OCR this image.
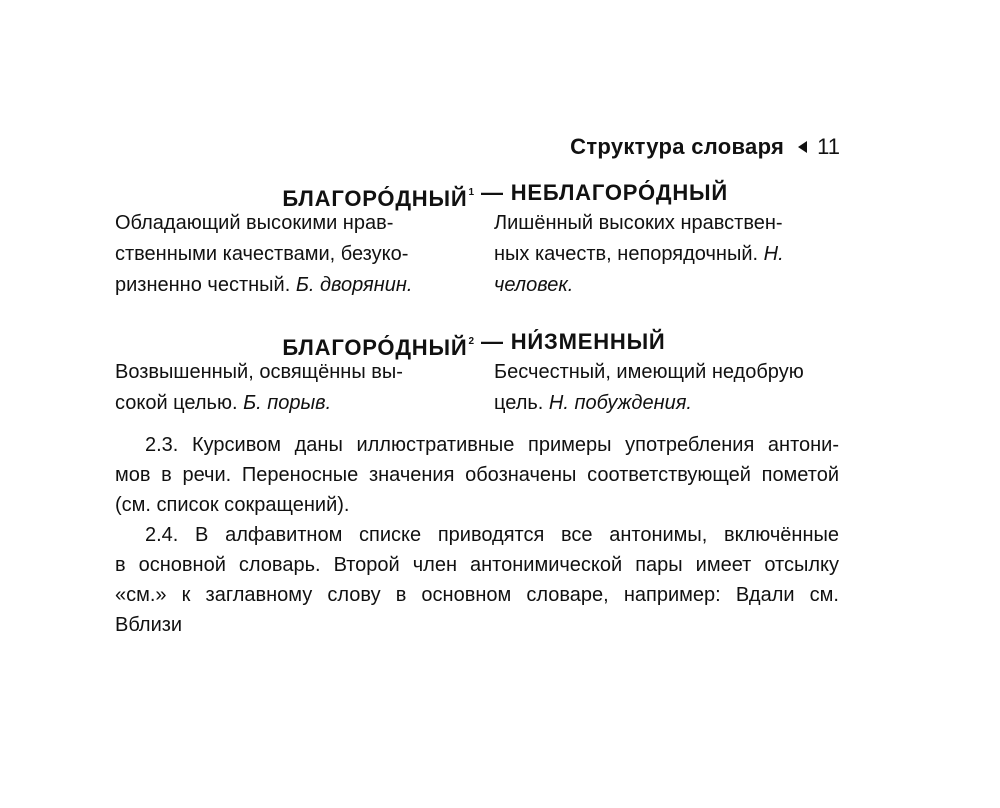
Структура словаря 11
БЛАГОРО́ДНЫЙ$^1$ — НЕБЛАГОРО́ДНЫЙ
Обладающий высокими нрав-
ственными качествами, безуко-
ризненно честный. Б. дворянин.
Лишённый высоких нравствен-
ных качеств, непорядочный. Н.
человек.
БЛАГОРО́ДНЫЙ$^2$ — НИ́ЗМЕННЫЙ
Возвышенный, освящённы вы-
сокой целью. Б. порыв.
Бесчестный, имеющий недобрую
цель. Н. побуждения.
2.3. Курсивом даны иллюстративные примеры употребления антони-
мов в речи. Переносные значения обозначены соответствующей пометой
(см. список сокращений).
2.4. В алфавитном списке приводятся все антонимы, включённые
в основной словарь. Второй член антонимической пары имеет отсылку
«см.» к заглавному слову в основном словаре, например: Вдали см.
Вблизи
